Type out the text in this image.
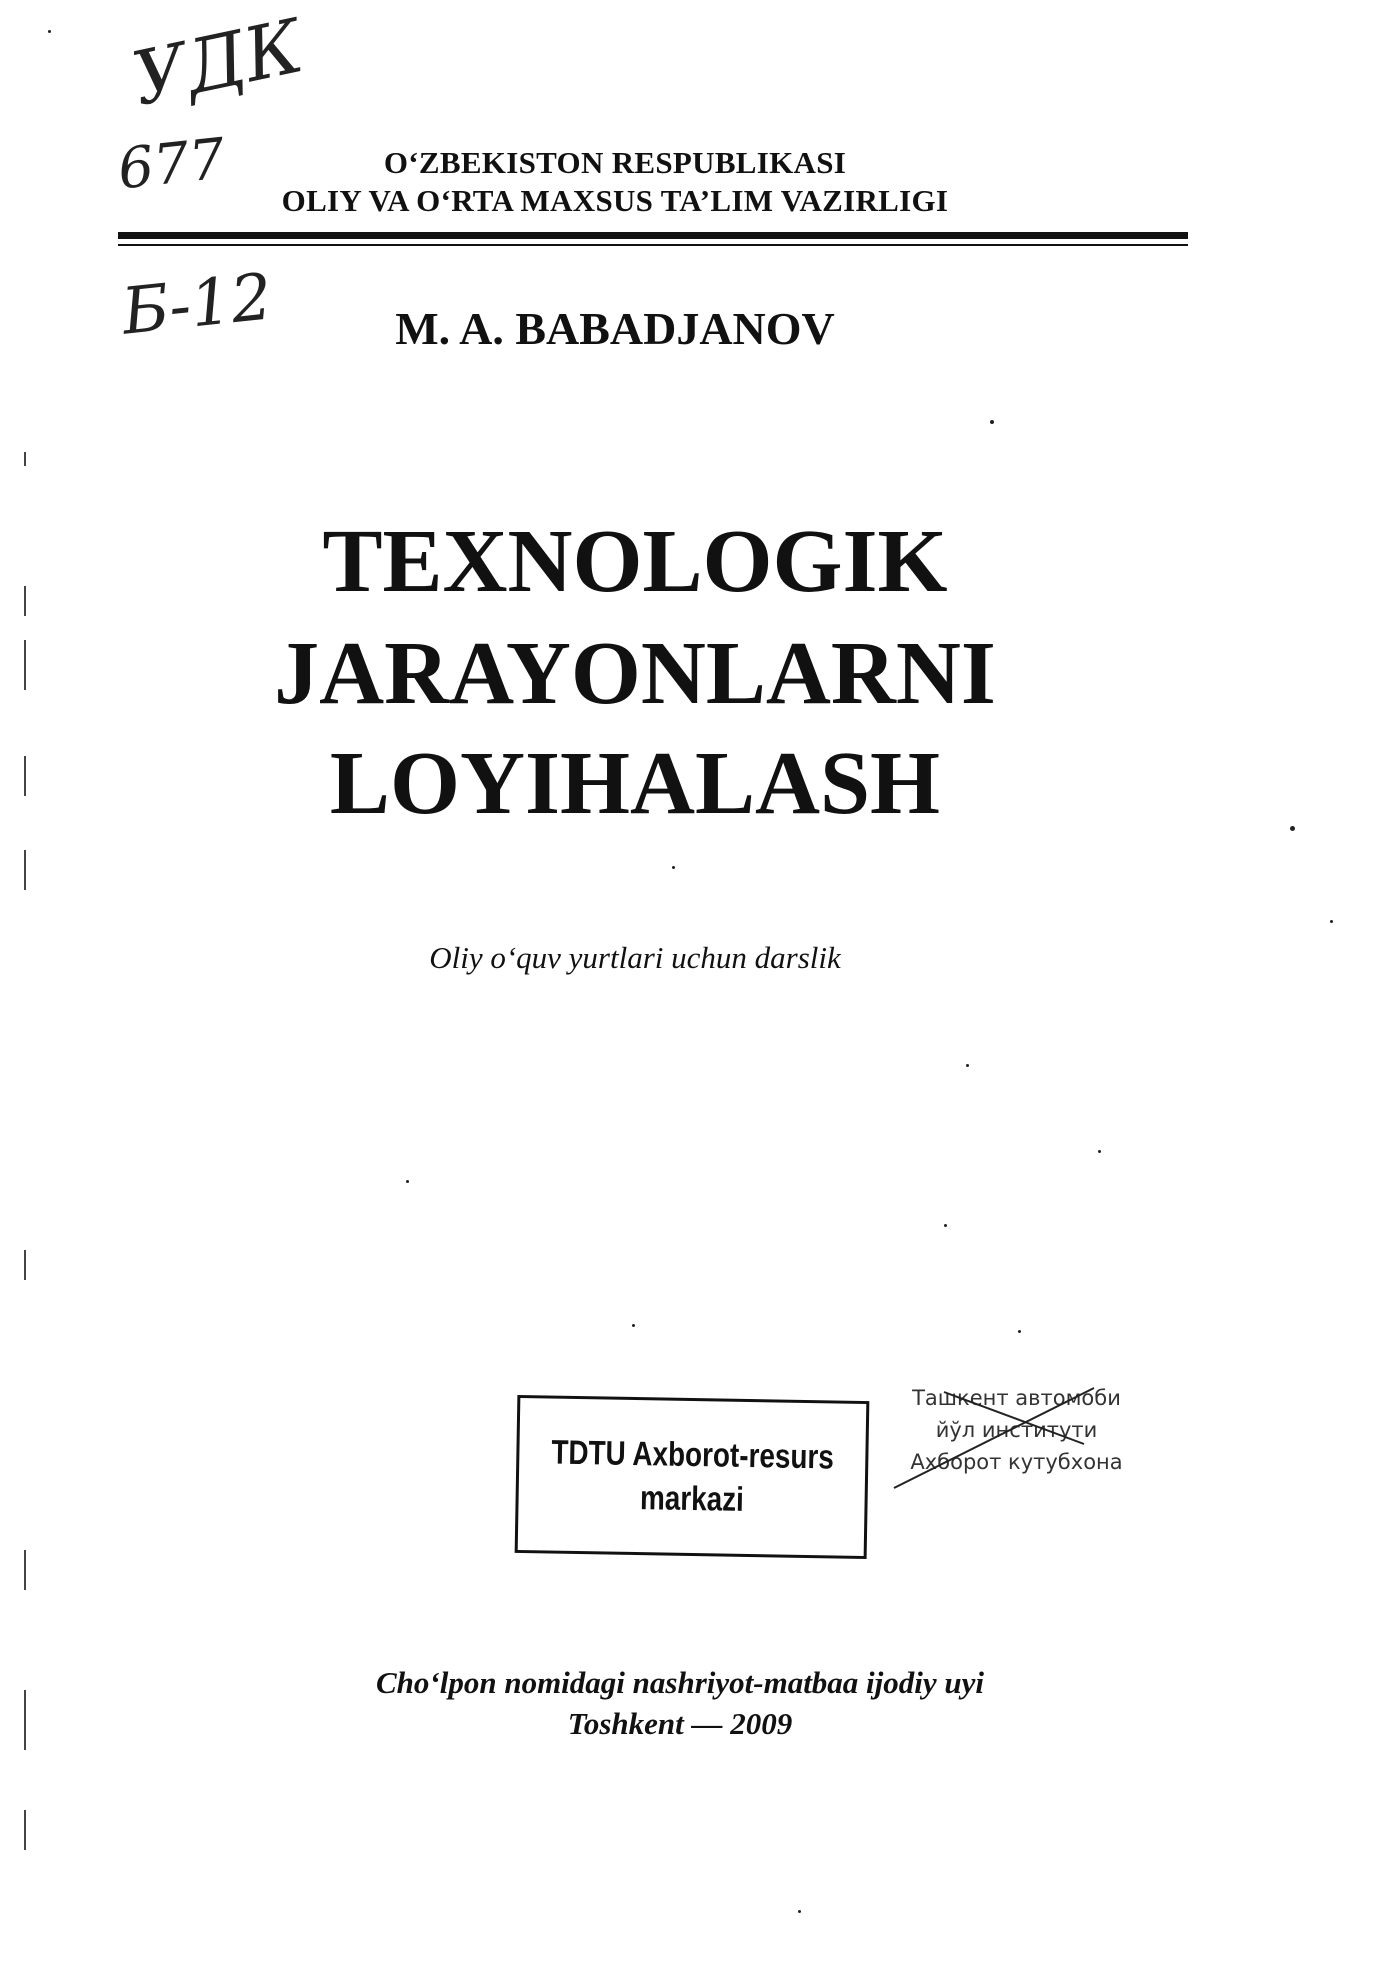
УДК
677
Б-12
O‘ZBEKISTON RESPUBLIKASI
OLIY VA O‘RTA MAXSUS TA’LIM VAZIRLIGI
M. A. BABADJANOV
TEXNOLOGIK
JARAYONLARNI
LOYIHALASH
Oliy o‘quv yurtlari uchun darslik
TDTU Axborot-resurs
markazi
Ташкент автомоби
йўл институти
Ахборот кутубхона
Cho‘lpon nomidagi nashriyot-matbaa ijodiy uyi
Toshkent — 2009
